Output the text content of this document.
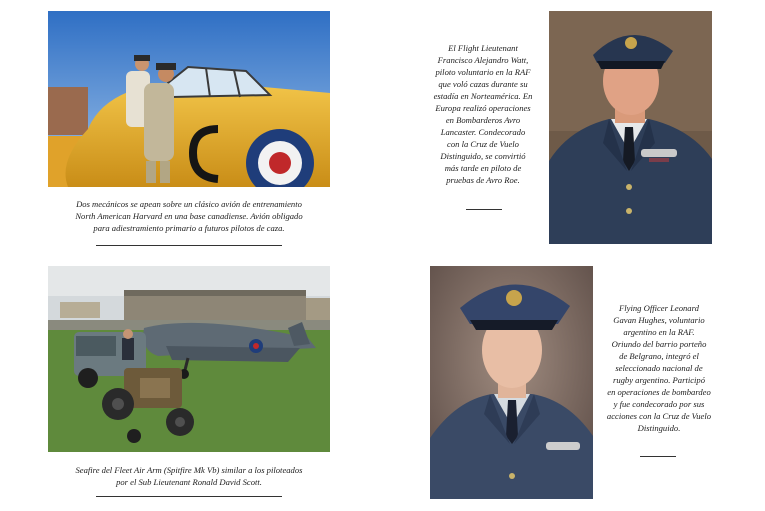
Dos mecánicos se apean sobre un clásico avión de entrenamiento
North American Harvard en una base canadiense. Avión obligado
para adiestramiento primario a futuros pilotos de caza.
El Flight Lieutenant
Francisco Alejandro Watt,
piloto voluntario en la RAF
que voló cazas durante su
estadía en Norteamérica. En
Europa realizó operaciones
en Bombarderos Avro
Lancaster. Condecorado
con la Cruz de Vuelo
Distinguido, se convirtió
más tarde en piloto de
pruebas de Avro Roe.
Seafire del Fleet Air Arm (Spitfire Mk Vb) similar a los piloteados
por el Sub Lieutenant Ronald David Scott.
Flying Officer Leonard
Gavan Hughes, voluntario
argentino en la RAF.
Oriundo del barrio porteño
de Belgrano, integró el
seleccionado nacional de
rugby argentino. Participó
en operaciones de bombardeo
y fue condecorado por sus
acciones con la Cruz de Vuelo
Distinguido.
